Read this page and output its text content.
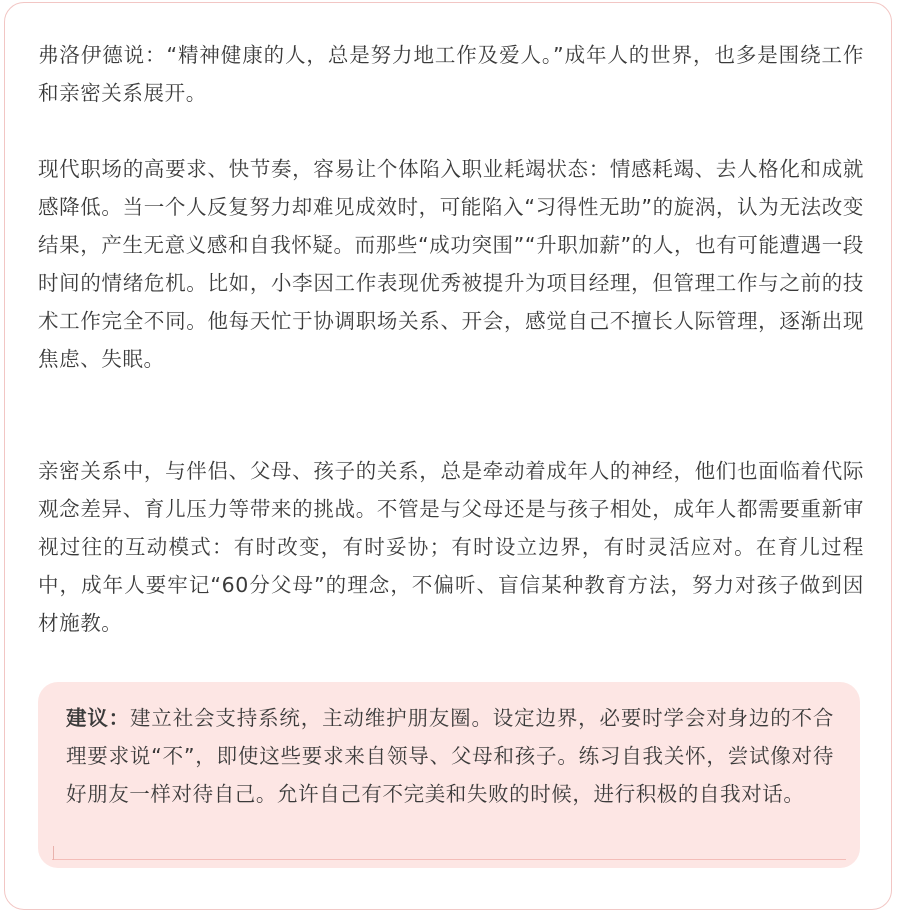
弗洛伊德说：“精神健康的人，总是努力地工作及爱人。”成年人的世界，也多是围绕工作和亲密关系展开。

现代职场的高要求、快节奏，容易让个体陷入职业耗竭状态：情感耗竭、去人格化和成就感降低。当一个人反复努力却难见成效时，可能陷入“习得性无助”的旋涡，认为无法改变结果，产生无意义感和自我怀疑。而那些“成功突围”“升职加薪”的人，也有可能遭遇一段时间的情绪危机。比如，小李因工作表现优秀被提升为项目经理，但管理工作与之前的技术工作完全不同。他每天忙于协调职场关系、开会，感觉自己不擅长人际管理，逐渐出现焦虑、失眠。

亲密关系中，与伴侣、父母、孩子的关系，总是牵动着成年人的神经，他们也面临着代际观念差异、育儿压力等带来的挑战。不管是与父母还是与孩子相处，成年人都需要重新审视过往的互动模式：有时改变，有时妥协；有时设立边界，有时灵活应对。在育儿过程中，成年人要牢记“60分父母”的理念，不偏听、盲信某种教育方法，努力对孩子做到因材施教。

建议：建立社会支持系统，主动维护朋友圈。设定边界，必要时学会对身边的不合理要求说“不”，即使这些要求来自领导、父母和孩子。练习自我关怀，尝试像对待好朋友一样对待自己。允许自己有不完美和失败的时候，进行积极的自我对话。
